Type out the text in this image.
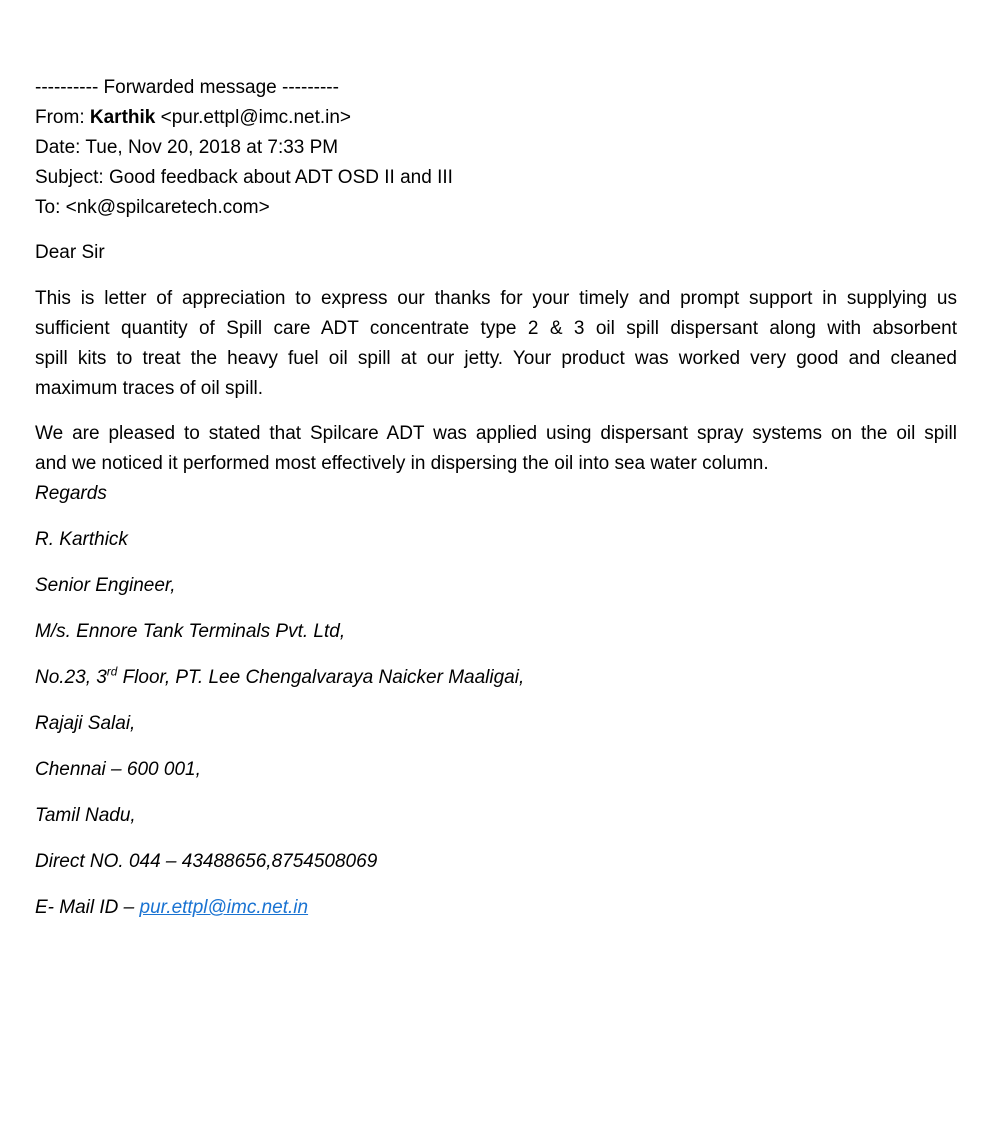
---------- Forwarded message ---------
From: Karthik <pur.ettpl@imc.net.in>
Date: Tue, Nov 20, 2018 at 7:33 PM
Subject: Good feedback about ADT OSD II and III
To: <nk@spilcaretech.com>
Dear Sir
This is letter of appreciation to express our thanks for your timely and prompt support in supplying us
sufficient quantity of Spill care ADT concentrate type 2 & 3 oil spill dispersant along with absorbent
spill kits to treat the heavy fuel oil spill at our jetty. Your product was worked very good and cleaned
maximum traces of oil spill.
We are pleased to stated that Spilcare ADT was applied using dispersant spray systems on the oil spill
and we noticed it performed most effectively in dispersing the oil into sea water column.
Regards
R. Karthick
Senior Engineer,
M/s. Ennore Tank Terminals Pvt. Ltd,
No.23, 3rd Floor, PT. Lee Chengalvaraya Naicker Maaligai,
Rajaji Salai,
Chennai – 600 001,
Tamil Nadu,
Direct NO. 044 – 43488656,8754508069
E- Mail ID – pur.ettpl@imc.net.in
